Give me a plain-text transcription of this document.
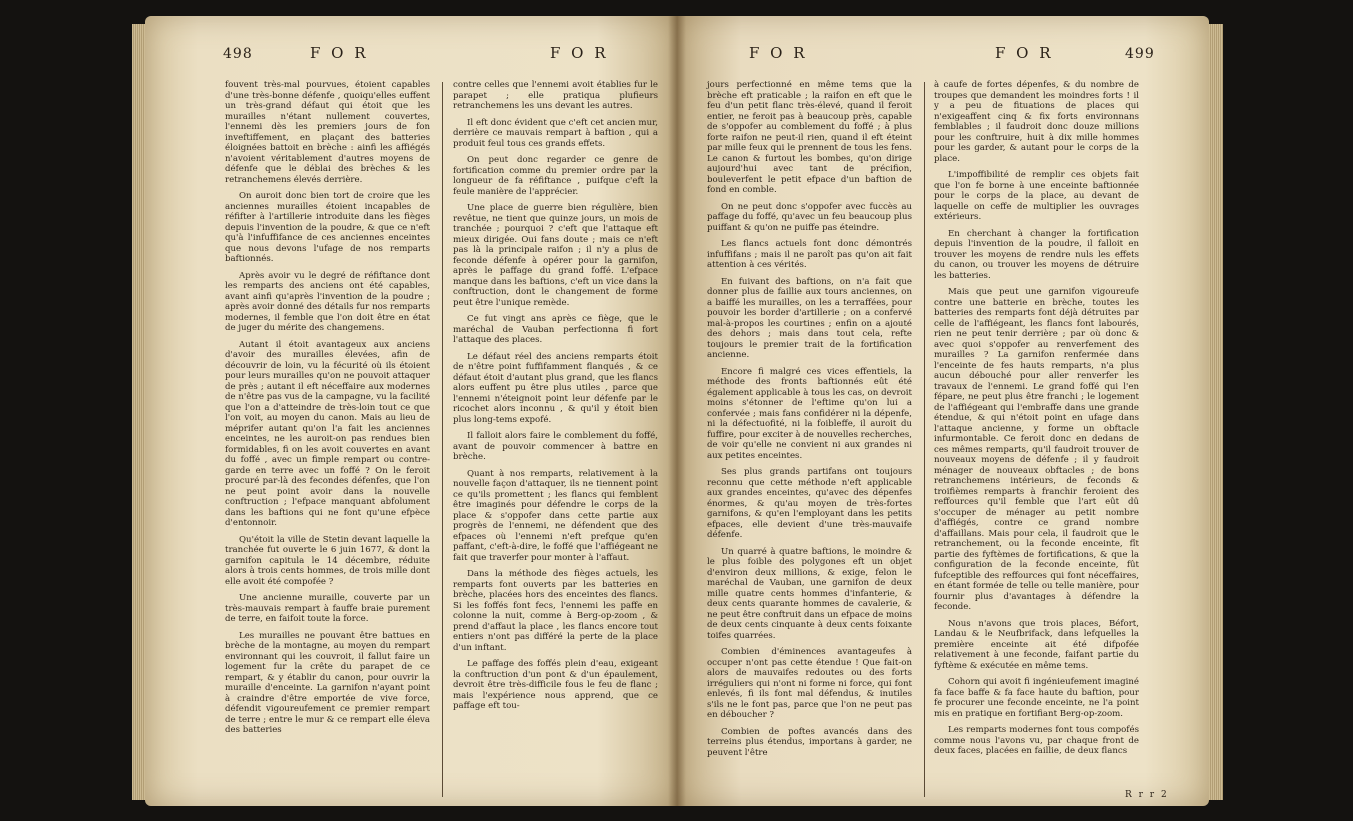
498	F O R	F O R

fouvent très-mal pourvues, étoient capables d'une très-bonne défenfe , quoiqu'elles euffent un très-grand défaut qui étoit que les murailles n'étant nullement couvertes, l'ennemi dès les premiers jours de fon inveftiffement, en plaçant des batteries éloignées battoit en brèche : ainfi les affiégés n'avoient véritablement d'autres moyens de défenfe que le déblai des brèches & les retranchemens élevés derrière.

On auroit donc bien tort de croire que les anciennes murailles étoient incapables de réfifter à l'artillerie introduite dans les fièges depuis l'invention de la poudre, & que ce n'eft qu'à l'infuffifance de ces anciennes enceintes que nous devons l'ufage de nos remparts baftionnés.

Après avoir vu le degré de réfiftance dont les remparts des anciens ont été capables, avant ainfi qu'après l'invention de la poudre ; après avoir donné des détails fur nos remparts modernes, il femble que l'on doit être en état de juger du mérite des changemens.

Autant il étoit avantageux aux anciens d'avoir des murailles élevées, afin de découvrir de loin, vu la fécurité où ils étoient pour leurs murailles qu'on ne pouvoit attaquer de près ; autant il eft néceffaire aux modernes de n'être pas vus de la campagne, vu la facilité que l'on a d'atteindre de très-loin tout ce que l'on voit, au moyen du canon. Mais au lieu de méprifer autant qu'on l'a fait les anciennes enceintes, ne les auroit-on pas rendues bien formidables, fi on les avoit couvertes en avant du foffé , avec un fimple rempart ou contre-garde en terre avec un foffé ? On le feroit procuré par-là des fecondes défenfes, que l'on ne peut point avoir dans la nouvelle conftruction ; l'efpace manquant abfolument dans les baftions qui ne font qu'une efpèce d'entonnoir.

Qu'étoit la ville de Stetin devant laquelle la tranchée fut ouverte le 6 juin 1677, & dont la garnifon capitula le 14 décembre, réduite alors à trois cents hommes, de trois mille dont elle avoit été compofée ?

Une ancienne muraille, couverte par un très-mauvais rempart à fauffe braie purement de terre, en faifoit toute la force.

Les murailles ne pouvant être battues en brèche de la montagne, au moyen du rempart environnant qui les couvroit, il fallut faire un logement fur la crête du parapet de ce rempart, & y établir du canon, pour ouvrir la muraille d'enceinte. La garnifon n'ayant point à craindre d'être emportée de vive force, défendit vigoureufement ce premier rempart de terre ; entre le mur & ce rempart elle éleva des batteries

contre celles que l'ennemi avoit établies fur le parapet ; elle pratiqua plufieurs retranchemens les uns devant les autres.

Il eft donc évident que c'eft cet ancien mur, derrière ce mauvais rempart à baftion , qui a produit feul tous ces grands effets.

On peut donc regarder ce genre de fortification comme du premier ordre par la longueur de fa réfiftance , puifque c'eft la feule manière de l'apprécier.

Une place de guerre bien régulière, bien revêtue, ne tient que quinze jours, un mois de tranchée ; pourquoi ? c'eft que l'attaque eft mieux dirigée. Oui fans doute ; mais ce n'eft pas là la principale raifon ; il n'y a plus de feconde défenfe à opérer pour la garnifon, après le paffage du grand foffé. L'efpace manque dans les baftions, c'eft un vice dans la conftruction, dont le changement de forme peut être l'unique remède.

Ce fut vingt ans après ce fiège, que le maréchal de Vauban perfectionna fi fort l'attaque des places.

Le défaut réel des anciens remparts étoit de n'être point fuffifamment flanqués , & ce défaut étoit d'autant plus grand, que les flancs alors euffent pu être plus utiles , parce que l'ennemi n'éteignoit point leur défenfe par le ricochet alors inconnu , & qu'il y étoit bien plus long-tems expofé.

Il falloit alors faire le comblement du foffé, avant de pouvoir commencer à battre en brèche.

Quant à nos remparts, relativement à la nouvelle façon d'attaquer, ils ne tiennent point ce qu'ils promettent ; les flancs qui femblent être imaginés pour défendre le corps de la place & s'oppofer dans cette partie aux progrès de l'ennemi, ne défendent que des efpaces où l'ennemi n'eft prefque qu'en paffant, c'eft-à-dire, le foffé que l'affiégeant ne fait que traverfer pour monter à l'affaut.

Dans la méthode des fièges actuels, les remparts font ouverts par les batteries en brèche, placées hors des enceintes des flancs. Si les foffés font fecs, l'ennemi les paffe en colonne la nuit, comme à Berg-op-zoom , & prend d'affaut la place , les flancs encore tout entiers n'ont pas différé la perte de la place d'un inftant.

Le paffage des foffés plein d'eau, exigeant la conftruction d'un pont & d'un épaulement, devroit être très-difficile fous le feu de flanc ; mais l'expérience nous apprend, que ce paffage eft tou-

F O R	F O R	499

jours perfectionné en même tems que la brèche eft praticable ; la raifon en eft que le feu d'un petit flanc très-élevé, quand il feroit entier, ne feroit pas à beaucoup près, capable de s'oppofer au comblement du foffé ; à plus forte raifon ne peut-il rien, quand il eft éteint par mille feux qui le prennent de tous les fens. Le canon & furtout les bombes, qu'on dirige aujourd'hui avec tant de précifion, bouleverfent le petit efpace d'un baftion de fond en comble.

On ne peut donc s'oppofer avec fuccès au paffage du foffé, qu'avec un feu beaucoup plus puiffant & qu'on ne puiffe pas éteindre.

Les flancs actuels font donc démontrés infuffifans ; mais il ne paroît pas qu'on ait fait attention à ces vérités.

En fuivant des baftions, on n'a fait que donner plus de faillie aux tours anciennes, on a baiffé les murailles, on les a terraffées, pour pouvoir les border d'artillerie ; on a confervé mal-à-propos les courtines ; enfin on a ajouté des dehors ; mais dans tout cela, refte toujours le premier trait de la fortification ancienne.

Encore fi malgré ces vices effentiels, la méthode des fronts baftionnés eût été également applicable à tous les cas, on devroit moins s'étonner de l'eftime qu'on lui a confervée ; mais fans confidérer ni la dépenfe, ni la défectuofité, ni la foibleffe, il auroit du fuffire, pour exciter à de nouvelles recherches, de voir qu'elle ne convient ni aux grandes ni aux petites enceintes.

Ses plus grands partifans ont toujours reconnu que cette méthode n'eft applicable aux grandes enceintes, qu'avec des dépenfes énormes, & qu'au moyen de très-fortes garnifons, & qu'en l'employant dans les petits efpaces, elle devient d'une très-mauvaife défenfe.

Un quarré à quatre baftions, le moindre & le plus foible des polygones eft un objet d'environ deux millions, & exige, felon le maréchal de Vauban, une garnifon de deux mille quatre cents hommes d'infanterie, & deux cents quarante hommes de cavalerie, & ne peut être conftruit dans un efpace de moins de deux cents cinquante à deux cents foixante toifes quarrées.

Combien d'éminences avantageufes à occuper n'ont pas cette étendue ! Que fait-on alors de mauvaifes redoutes ou des forts irréguliers qui n'ont ni forme ni force, qui font enlevés, fi ils font mal défendus, & inutiles s'ils ne le font pas, parce que l'on ne peut pas en déboucher ?

Combien de poftes avancés dans des terreins plus étendus, importans à garder, ne peuvent l'être

à caufe de fortes dépenfes, & du nombre de troupes que demandent les moindres forts ! il y a peu de fituations de places qui n'exigeaffent cinq & fix forts environnans femblables ; il faudroit donc douze millions pour les conftruire, huit à dix mille hommes pour les garder, & autant pour le corps de la place.

L'impoffibilité de remplir ces objets fait que l'on fe borne à une enceinte baftionnée pour le corps de la place, au devant de laquelle on ceffe de multiplier les ouvrages extérieurs.

En cherchant à changer la fortification depuis l'invention de la poudre, il falloit en trouver les moyens de rendre nuls les effets du canon, ou trouver les moyens de détruire les batteries.

Mais que peut une garnifon vigoureufe contre une batterie en brèche, toutes les batteries des remparts font déjà détruites par celle de l'affiégeant, les flancs font labourés, rien ne peut tenir derrière ; par où donc & avec quoi s'oppofer au renverfement des murailles ? La garnifon renfermée dans l'enceinte de fes hauts remparts, n'a plus aucun débouché pour aller renverfer les travaux de l'ennemi. Le grand foffé qui l'en fépare, ne peut plus être franchi ; le logement de l'affiégeant qui l'embraffe dans une grande étendue, & qui n'étoit point en ufage dans l'attaque ancienne, y forme un obftacle infurmontable. Ce feroit donc en dedans de ces mêmes remparts, qu'il faudroit trouver de nouveaux moyens de défenfe ; il y faudroit ménager de nouveaux obftacles ; de bons retranchemens intérieurs, de feconds & troifièmes remparts à franchir feroient des reffources qu'il femble que l'art eût dû s'occuper de ménager au petit nombre d'affiégés, contre ce grand nombre d'affaillans. Mais pour cela, il faudroit que le retranchement, ou la feconde enceinte, fît partie des fyftèmes de fortifications, & que la configuration de la feconde enceinte, fût fufceptible des reffources qui font néceffaires, en étant formée de telle ou telle manière, pour fournir plus d'avantages à défendre la feconde.

Nous n'avons que trois places, Béfort, Landau & le Neufbrifack, dans lefquelles la première enceinte ait été difpofée relativement à une feconde, faifant partie du fyftème & exécutée en même tems.

Cohorn qui avoit fi ingénieufement imaginé fa face baffe & fa face haute du baftion, pour fe procurer une feconde enceinte, ne l'a point mis en pratique en fortifiant Berg-op-zoom.

Les remparts modernes font tous compofés comme nous l'avons vu, par chaque front de deux faces, placées en faillie, de deux flancs

R r r 2
